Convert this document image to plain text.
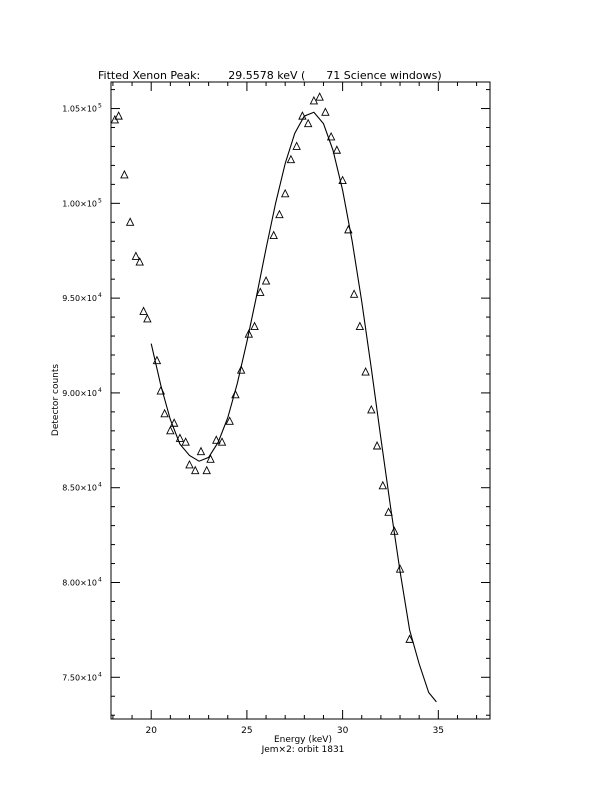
Fitted Xenon Peak:        29.5578 keV (      71 Science windows)
20	25	30	35
7.50×10 4
8.00×10 4
8.50×10 4
9.00×10 4
9.50×10 4
1.00×10 5
1.05×10 5
Energy (keV)
Jem×2: orbit 1831
Detector counts
